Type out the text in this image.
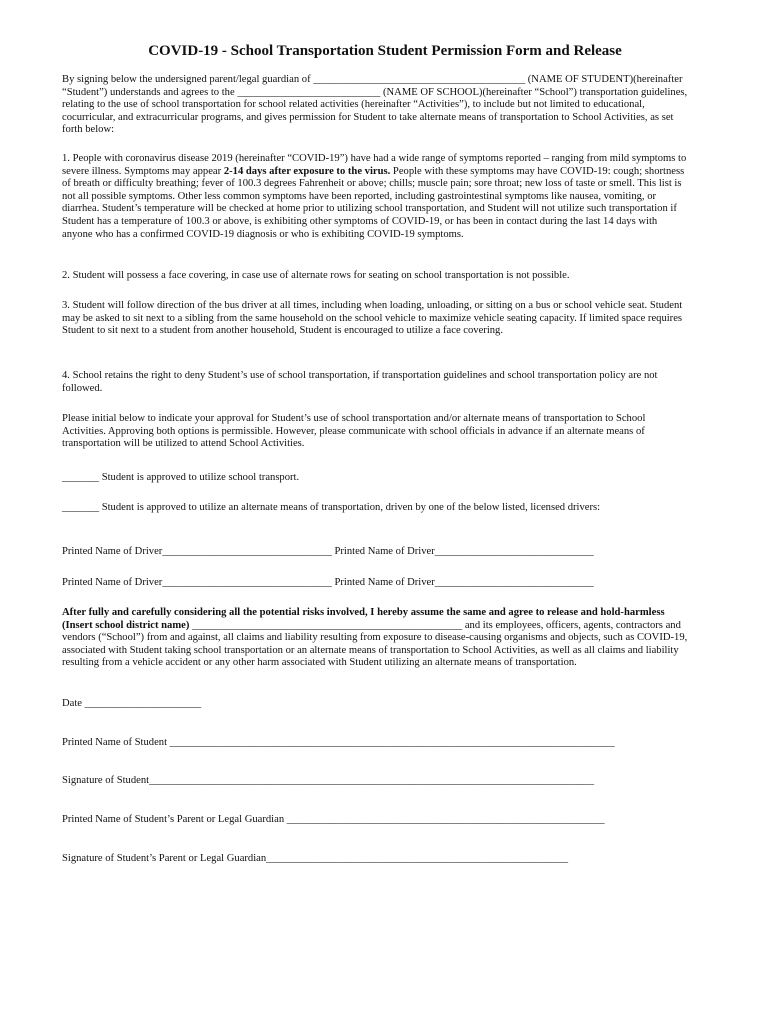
COVID-19 - School Transportation Student Permission Form and Release

By signing below the undersigned parent/legal guardian of ________________________________________ (NAME OF STUDENT)(hereinafter “Student”) understands and agrees to the ___________________________ (NAME OF SCHOOL)(hereinafter “School”) transportation guidelines, relating to the use of school transportation for school related activities (hereinafter “Activities”), to include but not limited to educational, cocurricular, and extracurricular programs, and gives permission for Student to take alternate means of transportation to School Activities, as set forth below:

1. People with coronavirus disease 2019 (hereinafter “COVID-19”) have had a wide range of symptoms reported – ranging from mild symptoms to severe illness. Symptoms may appear 2-14 days after exposure to the virus. People with these symptoms may have COVID-19: cough; shortness of breath or difficulty breathing; fever of 100.3 degrees Fahrenheit or above; chills; muscle pain; sore throat; new loss of taste or smell. This list is not all possible symptoms. Other less common symptoms have been reported, including gastrointestinal symptoms like nausea, vomiting, or diarrhea. Student’s temperature will be checked at home prior to utilizing school transportation, and Student will not utilize such transportation if Student has a temperature of 100.3 or above, is exhibiting other symptoms of COVID-19, or has been in contact during the last 14 days with anyone who has a confirmed COVID-19 diagnosis or who is exhibiting COVID-19 symptoms.

2. Student will possess a face covering, in case use of alternate rows for seating on school transportation is not possible.

3. Student will follow direction of the bus driver at all times, including when loading, unloading, or sitting on a bus or school vehicle seat. Student may be asked to sit next to a sibling from the same household on the school vehicle to maximize vehicle seating capacity. If limited space requires Student to sit next to a student from another household, Student is encouraged to utilize a face covering.

4. School retains the right to deny Student’s use of school transportation, if transportation guidelines and school transportation policy are not followed.

Please initial below to indicate your approval for Student’s use of school transportation and/or alternate means of transportation to School Activities. Approving both options is permissible. However, please communicate with school officials in advance if an alternate means of transportation will be utilized to attend School Activities.

_______ Student is approved to utilize school transport.

_______ Student is approved to utilize an alternate means of transportation, driven by one of the below listed, licensed drivers:

Printed Name of Driver________________________________ Printed Name of Driver______________________________
Printed Name of Driver________________________________ Printed Name of Driver______________________________

After fully and carefully considering all the potential risks involved, I hereby assume the same and agree to release and hold-harmless (Insert school district name) ___________________________________________________ and its employees, officers, agents, contractors and vendors (“School”) from and against, all claims and liability resulting from exposure to disease-causing organisms and objects, such as COVID-19, associated with Student taking school transportation or an alternate means of transportation to School Activities, as well as all claims and liability resulting from a vehicle accident or any other harm associated with Student utilizing an alternate means of transportation.

Date ______________________
Printed Name of Student ____________________________________________________________________________________
Signature of Student____________________________________________________________________________________
Printed Name of Student’s Parent or Legal Guardian ____________________________________________________________
Signature of Student’s Parent or Legal Guardian_________________________________________________________
